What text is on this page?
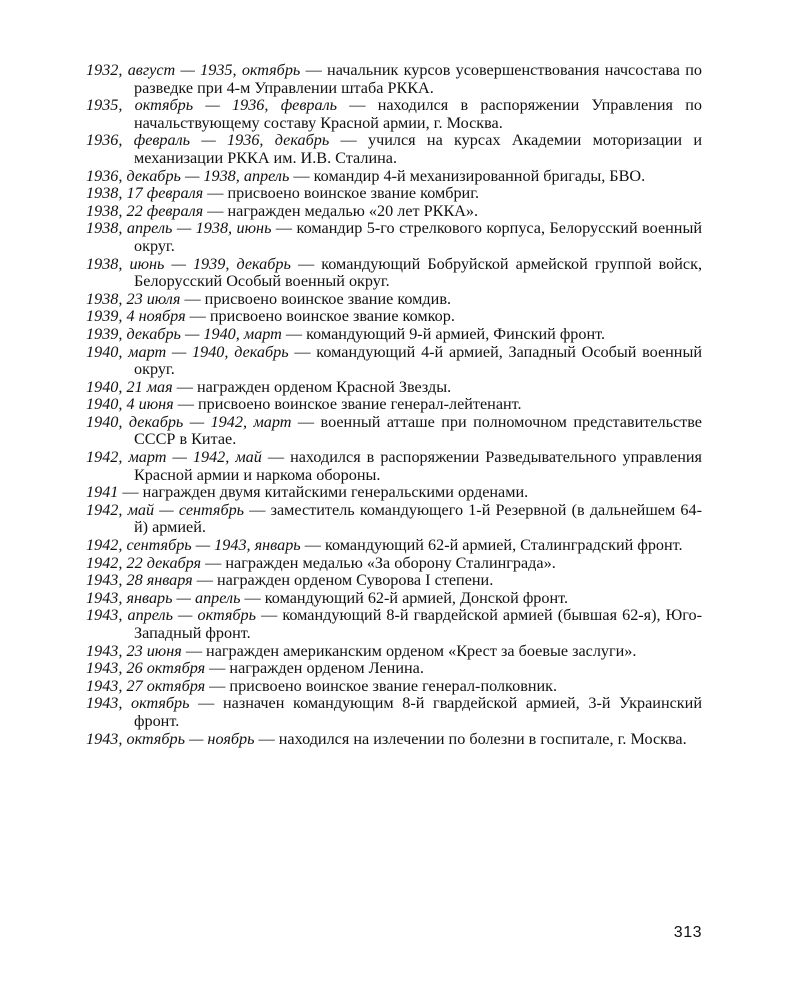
1932, август — 1935, октябрь — начальник курсов усовершенствования начсостава по разведке при 4-м Управлении штаба РККА.

1935, октябрь — 1936, февраль — находился в распоряжении Управления по начальствующему составу Красной армии, г. Москва.

1936, февраль — 1936, декабрь — учился на курсах Академии моторизации и механизации РККА им. И.В. Сталина.

1936, декабрь — 1938, апрель — командир 4-й механизированной бригады, БВО.

1938, 17 февраля — присвоено воинское звание комбриг.

1938, 22 февраля — награжден медалью «20 лет РККА».

1938, апрель — 1938, июнь — командир 5-го стрелкового корпуса, Белорусский военный округ.

1938, июнь — 1939, декабрь — командующий Бобруйской армейской группой войск, Белорусский Особый военный округ.

1938, 23 июля — присвоено воинское звание комдив.

1939, 4 ноября — присвоено воинское звание комкор.

1939, декабрь — 1940, март — командующий 9-й армией, Финский фронт.

1940, март — 1940, декабрь — командующий 4-й армией, Западный Особый военный округ.

1940, 21 мая — награжден орденом Красной Звезды.

1940, 4 июня — присвоено воинское звание генерал-лейтенант.

1940, декабрь — 1942, март — военный атташе при полномочном представительстве СССР в Китае.

1942, март — 1942, май — находился в распоряжении Разведывательного управления Красной армии и наркома обороны.

1941 — награжден двумя китайскими генеральскими орденами.

1942, май — сентябрь — заместитель командующего 1-й Резервной (в дальнейшем 64-й) армией.

1942, сентябрь — 1943, январь — командующий 62-й армией, Сталинградский фронт.

1942, 22 декабря — награжден медалью «За оборону Сталинграда».

1943, 28 января — награжден орденом Суворова I степени.

1943, январь — апрель — командующий 62-й армией, Донской фронт.

1943, апрель — октябрь — командующий 8-й гвардейской армией (бывшая 62-я), Юго-Западный фронт.

1943, 23 июня — награжден американским орденом «Крест за боевые заслуги».

1943, 26 октября — награжден орденом Ленина.

1943, 27 октября — присвоено воинское звание генерал-полковник.

1943, октябрь — назначен командующим 8-й гвардейской армией, 3-й Украинский фронт.

1943, октябрь — ноябрь — находился на излечении по болезни в госпитале, г. Москва.

313
